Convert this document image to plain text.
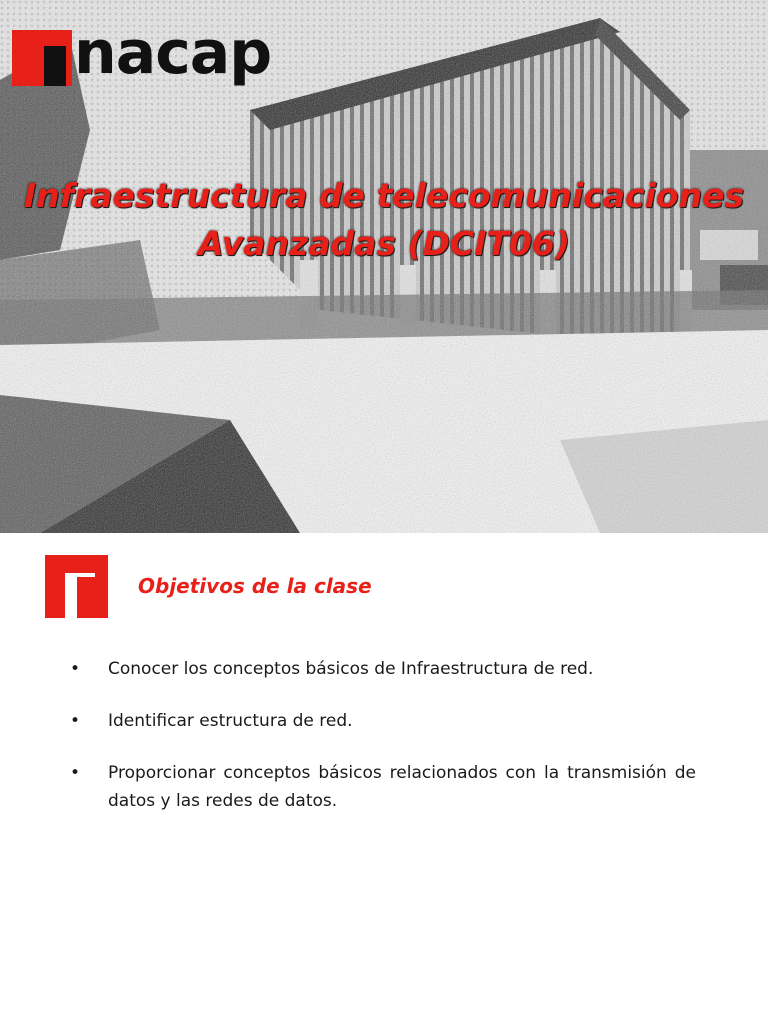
nacap
Infraestructura de telecomunicaciones
Avanzadas (DCIT06)
Objetivos de la clase
•	Conocer los conceptos básicos de Infraestructura de red.
•	Identificar estructura de red.
•	Proporcionar conceptos básicos relacionados con la transmisión de datos y las redes de datos.
